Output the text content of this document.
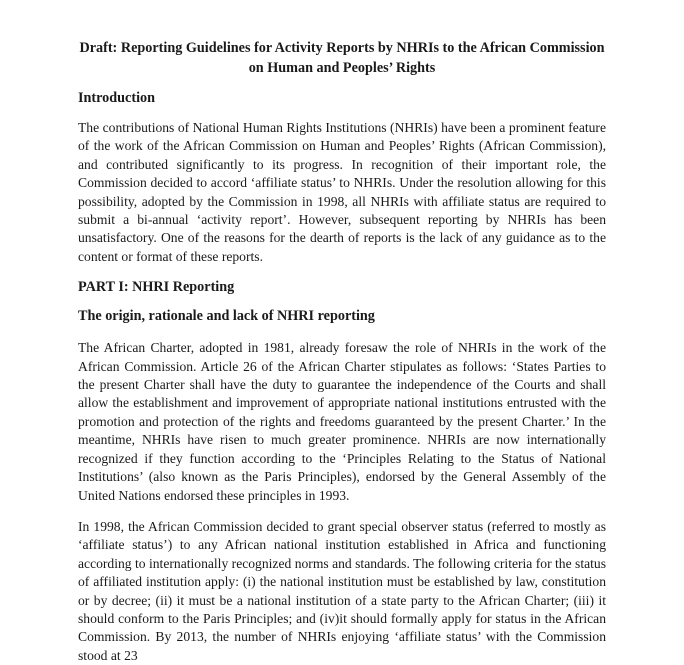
Draft: Reporting Guidelines for Activity Reports by NHRIs to the African Commission on Human and Peoples’ Rights

Introduction

The contributions of National Human Rights Institutions (NHRIs) have been a prominent feature of the work of the African Commission on Human and Peoples’ Rights (African Commission), and contributed significantly to its progress. In recognition of their important role, the Commission decided to accord ‘affiliate status’ to NHRIs. Under the resolution allowing for this possibility, adopted by the Commission in 1998, all NHRIs with affiliate status are required to submit a bi-annual ‘activity report’. However, subsequent reporting by NHRIs has been unsatisfactory. One of the reasons for the dearth of reports is the lack of any guidance as to the content or format of these reports.

PART I: NHRI Reporting

The origin, rationale and lack of NHRI reporting

The African Charter, adopted in 1981, already foresaw the role of NHRIs in the work of the African Commission. Article 26 of the African Charter stipulates as follows: ‘States Parties to the present Charter shall have the duty to guarantee the independence of the Courts and shall allow the establishment and improvement of appropriate national institutions entrusted with the promotion and protection of the rights and freedoms guaranteed by the present Charter.’ In the meantime, NHRIs have risen to much greater prominence. NHRIs are now internationally recognized if they function according to the ‘Principles Relating to the Status of National Institutions’ (also known as the Paris Principles), endorsed by the General Assembly of the United Nations endorsed these principles in 1993.

In 1998, the African Commission decided to grant special observer status (referred to mostly as ‘affiliate status’) to any African national institution established in Africa and functioning according to internationally recognized norms and standards. The following criteria for the status of affiliated institution apply: (i) the national institution must be established by law, constitution or by decree; (ii) it must be a national institution of a state party to the African Charter; (iii) it should conform to the Paris Principles; and (iv)it should formally apply for status in the African Commission. By 2013, the number of NHRIs enjoying ‘affiliate status’ with the Commission stood at 23
